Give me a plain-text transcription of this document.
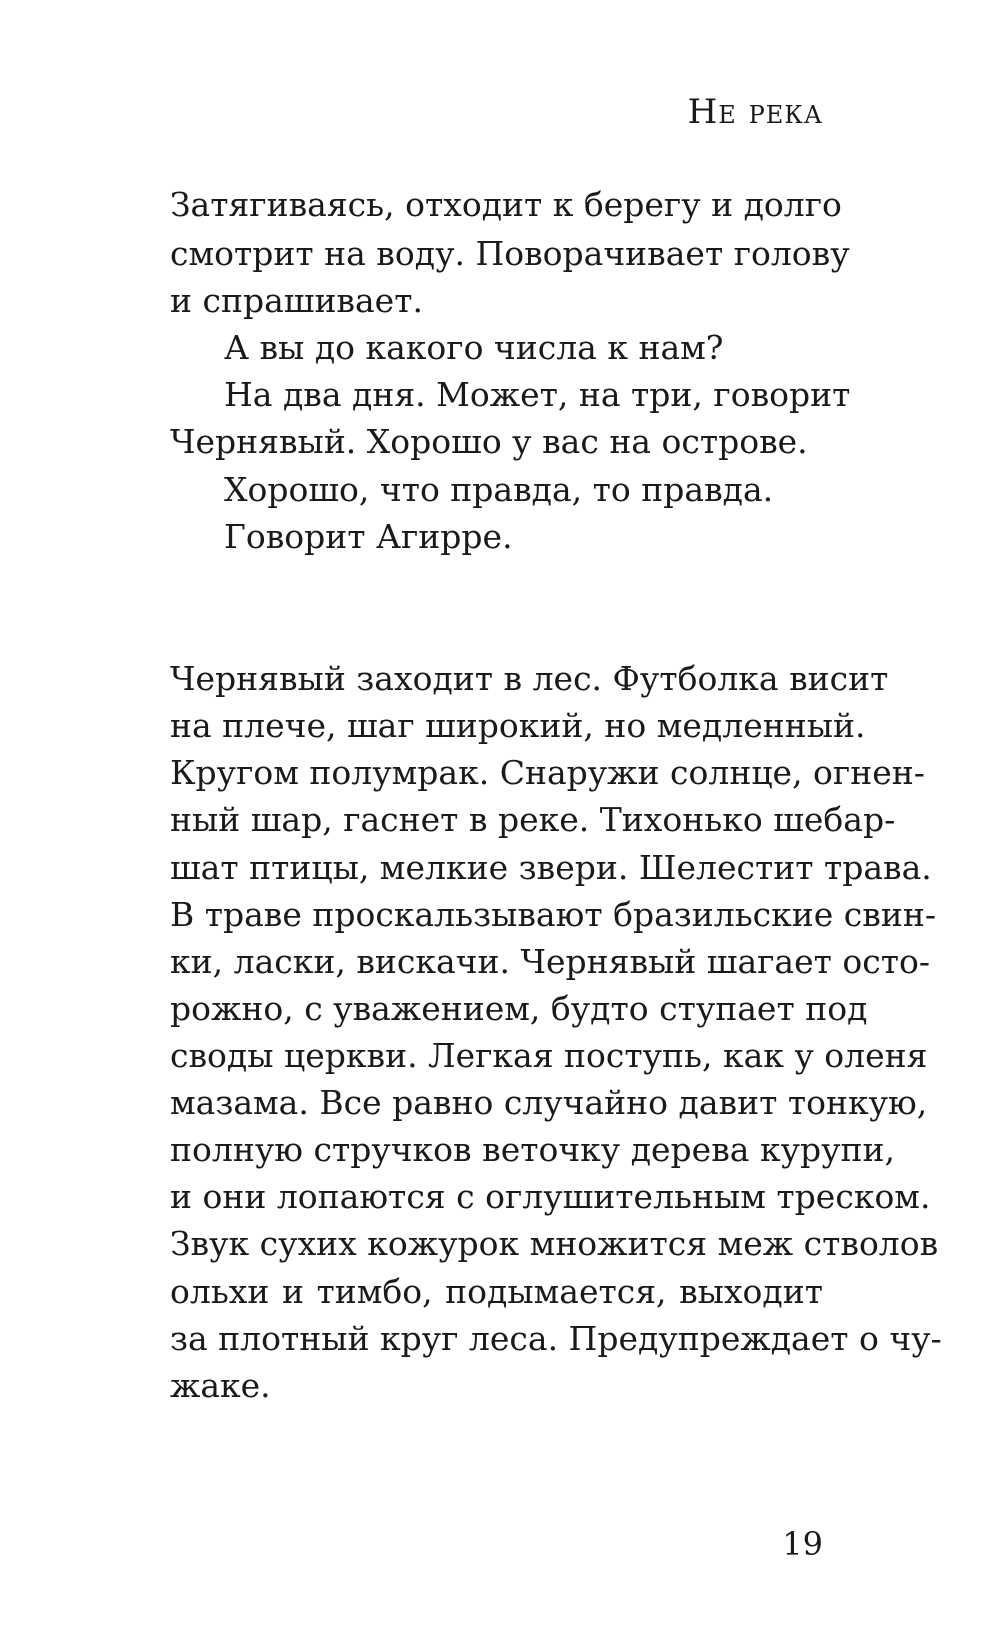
Не река
Затягиваясь, отходит к берегу и долго
смотрит на воду. Поворачивает голову
и спрашивает.
А вы до какого числа к нам?
На два дня. Может, на три, говорит
Чернявый. Хорошо у вас на острове.
Хорошо, что правда, то правда.
Говорит Агирре.
Чернявый заходит в лес. Футболка висит
на плече, шаг широкий, но медленный.
Кругом полумрак. Снаружи солнце, огнен-
ный шар, гаснет в реке. Тихонько шебар-
шат птицы, мелкие звери. Шелестит трава.
В траве проскальзывают бразильские свин-
ки, ласки, вискачи. Чернявый шагает осто-
рожно, с уважением, будто ступает под
своды церкви. Легкая поступь, как у оленя
мазама. Все равно случайно давит тонкую,
полную стручков веточку дерева курупи,
и они лопаются с оглушительным треском.
Звук сухих кожурок множится меж стволов
ольхи и тимбо, подымается, выходит
за плотный круг леса. Предупреждает о чу-
жаке.
19
